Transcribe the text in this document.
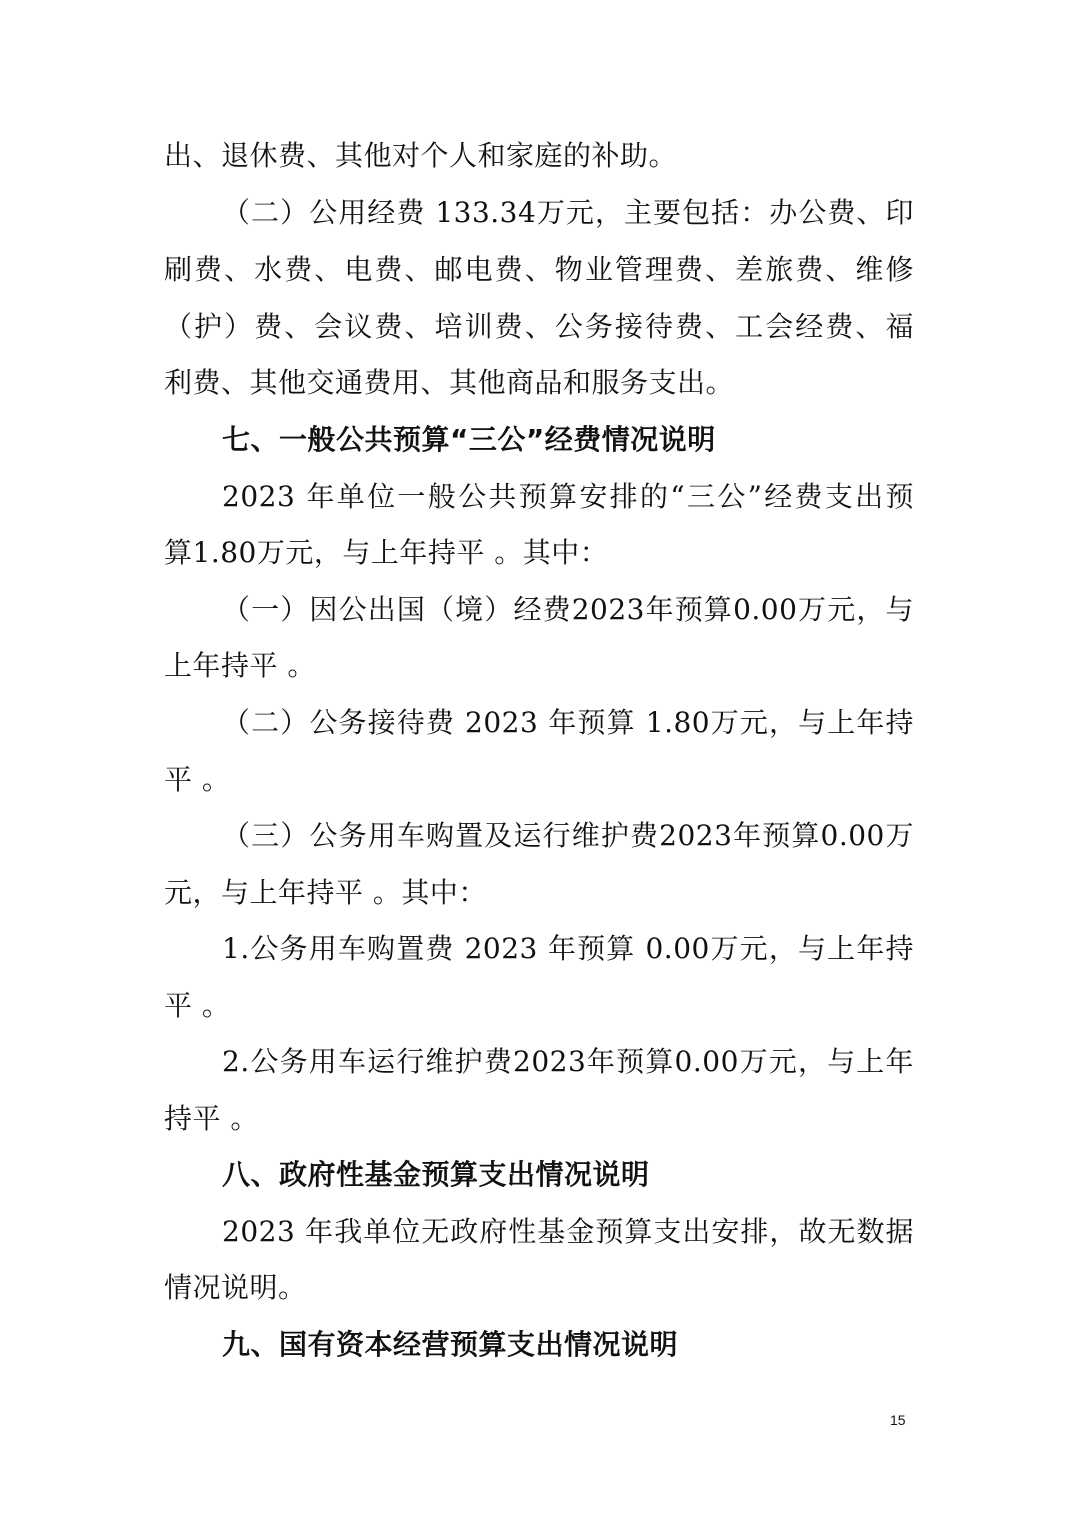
出、退休费、其他对个人和家庭的补助。
（二）公用经费 133.34万元，主要包括：办公费、印
刷费、水费、电费、邮电费、物业管理费、差旅费、维修
（护）费、会议费、培训费、公务接待费、工会经费、福
利费、其他交通费用、其他商品和服务支出。
七、一般公共预算“三公”经费情况说明
2023 年单位一般公共预算安排的“三公”经费支出预
算1.80万元，与上年持平 。其中：
（一）因公出国（境）经费2023年预算0.00万元，与
上年持平 。
（二）公务接待费 2023 年预算 1.80万元，与上年持
平 。
（三）公务用车购置及运行维护费2023年预算0.00万
元，与上年持平 。其中：
1.公务用车购置费 2023 年预算 0.00万元，与上年持
平 。
2.公务用车运行维护费2023年预算0.00万元，与上年
持平 。
八、政府性基金预算支出情况说明
2023 年我单位无政府性基金预算支出安排，故无数据
情况说明。
九、国有资本经营预算支出情况说明
15
